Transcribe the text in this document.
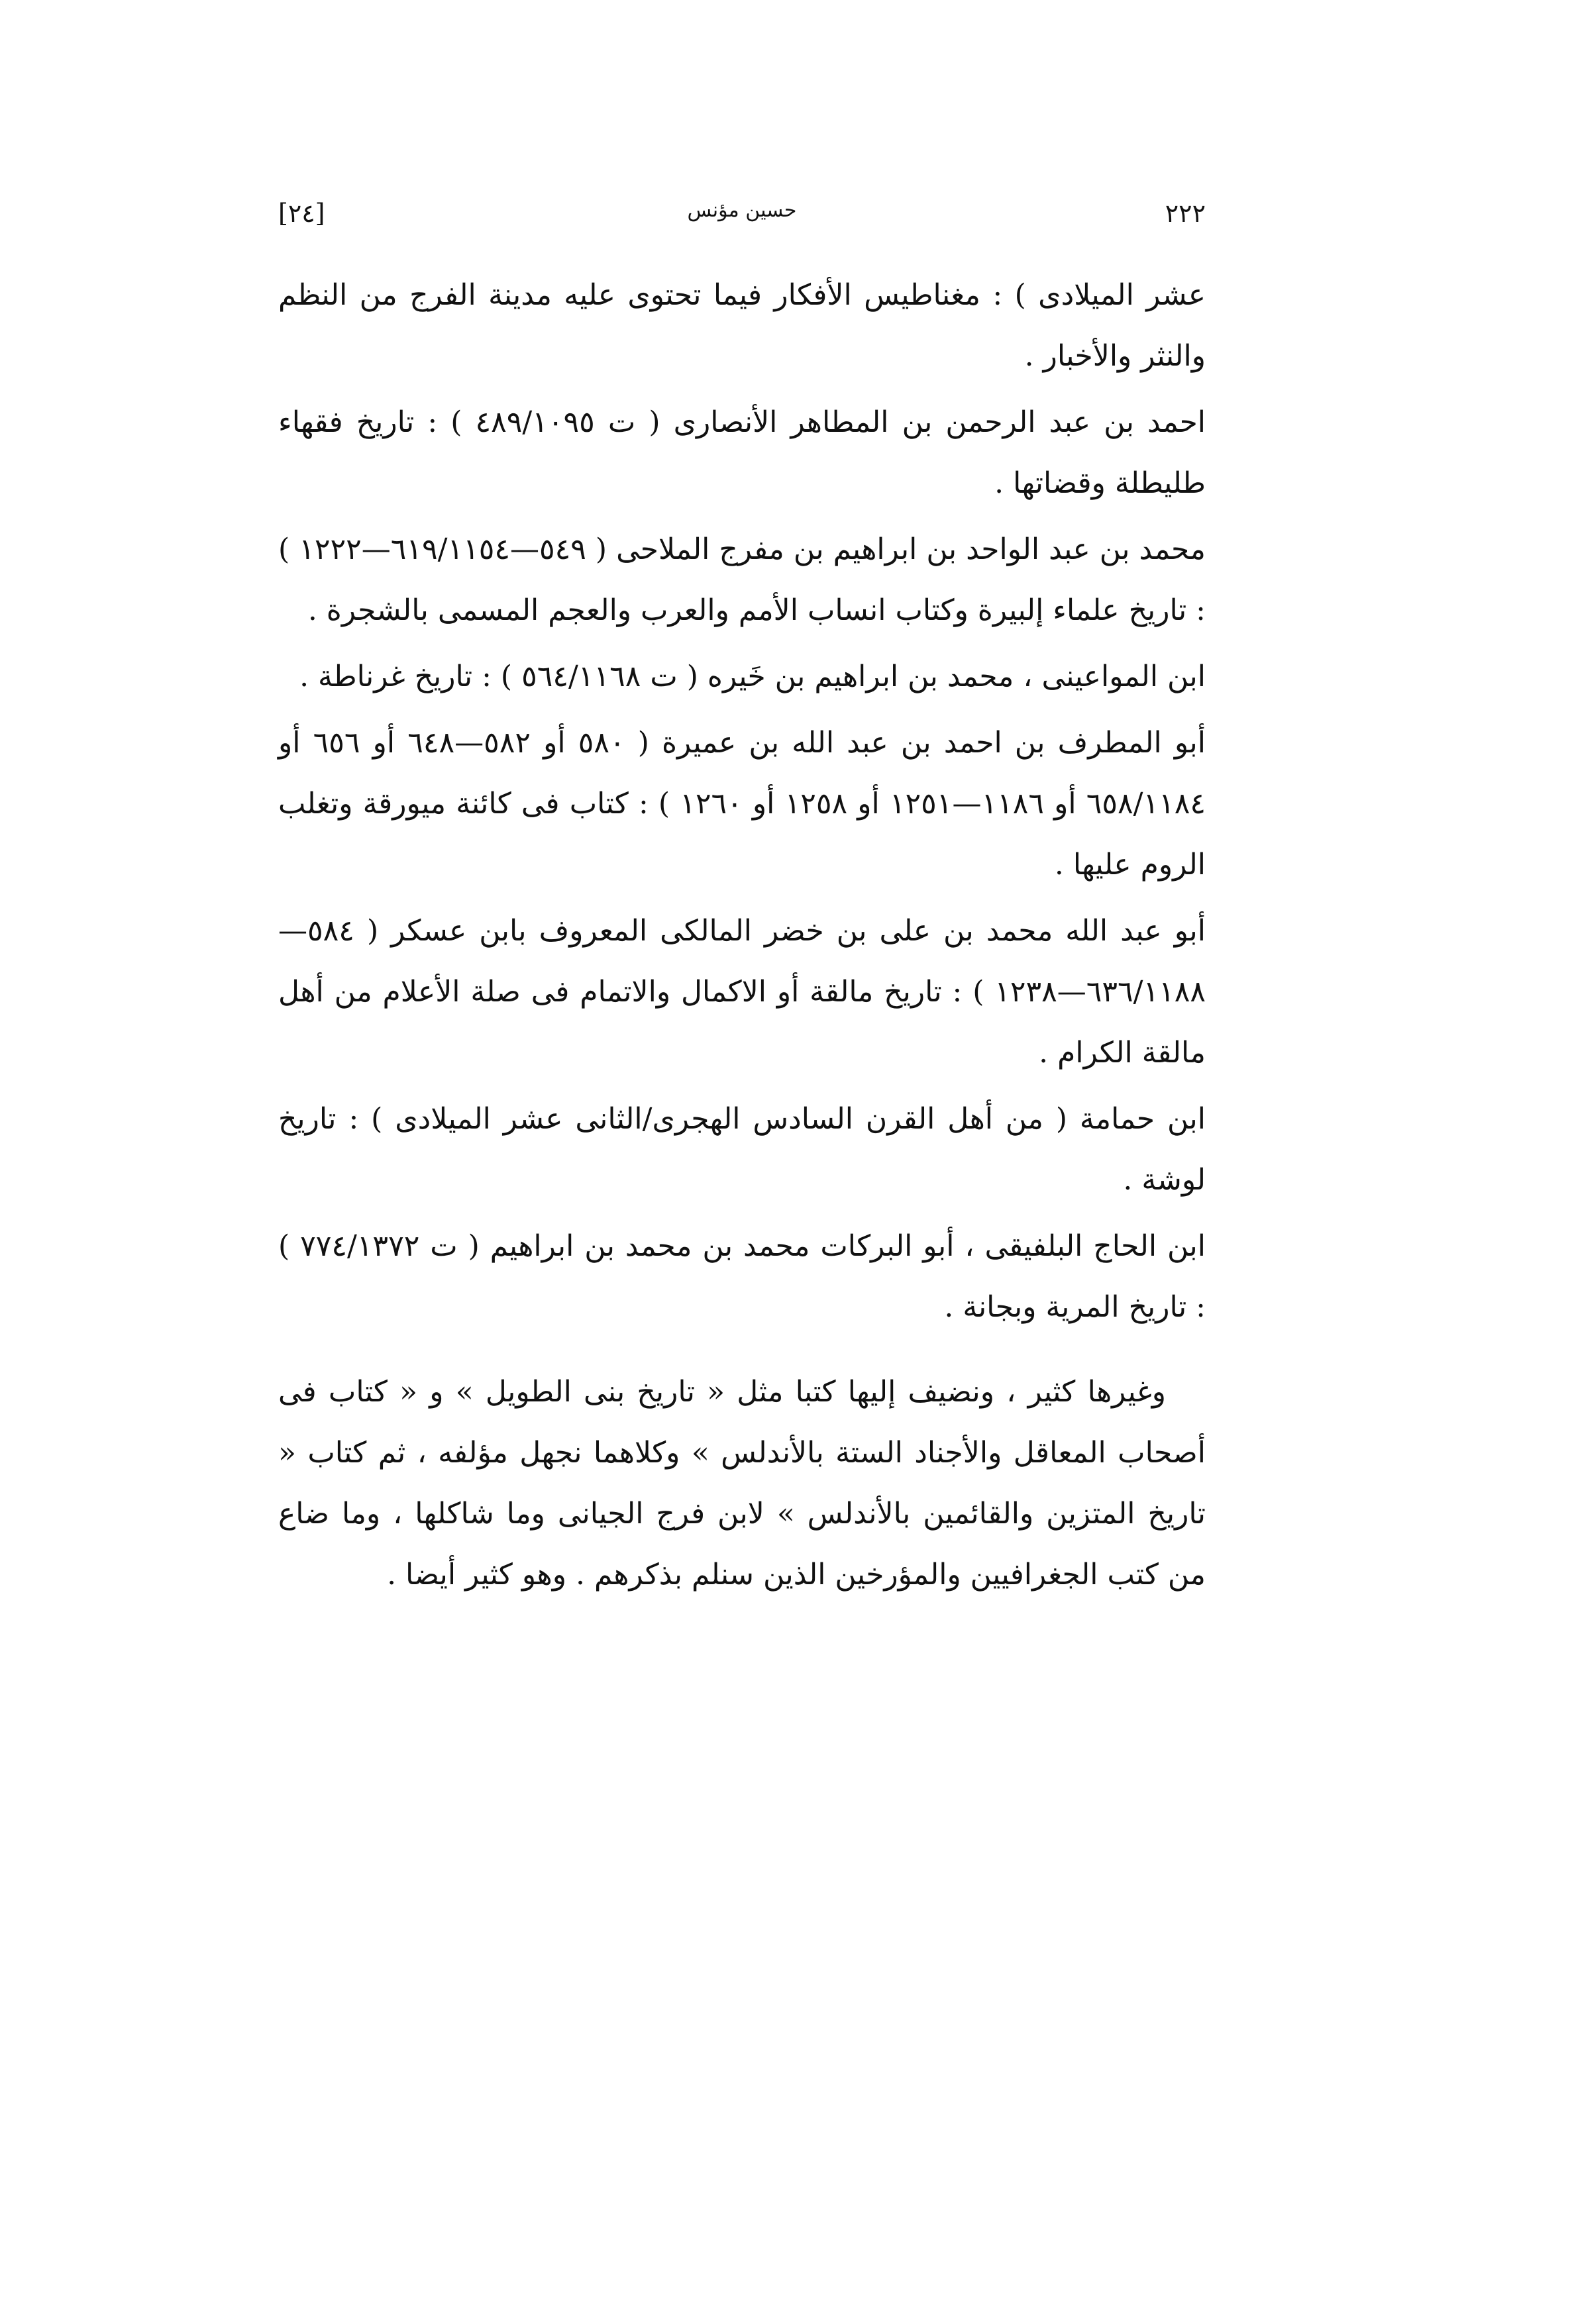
٢٢٢
حسين مؤنس
[٢٤]

عشر الميلادى ) : مغناطيس الأفكار فيما تحتوى عليه مدينة الفرج من النظم والنثر والأخبار .

احمد بن عبد الرحمن بن المطاهر الأنصارى ( ت ٤٨٩/١٠٩٥ ) : تاريخ فقهاء طليطلة وقضاتها .

محمد بن عبد الواحد بن ابراهيم بن مفرج الملاحى ( ٥٤٩—٦١٩/١١٥٤—١٢٢٢ ) : تاريخ علماء إلبيرة وكتاب انساب الأمم والعرب والعجم المسمى بالشجرة .

ابن المواعينى ، محمد بن ابراهيم بن خَيره ( ت ٥٦٤/١١٦٨ ) : تاريخ غرناطة .

أبو المطرف بن احمد بن عبد الله بن عميرة ( ٥٨٠ أو ٥٨٢—٦٤٨ أو ٦٥٦ أو ٦٥٨/١١٨٤ أو ١١٨٦—١٢٥١ أو ١٢٥٨ أو ١٢٦٠ ) : كتاب فى كائنة ميورقة وتغلب الروم عليها .

أبو عبد الله محمد بن على بن خضر المالكى المعروف بابن عسكر ( ٥٨٤—٦٣٦/١١٨٨—١٢٣٨ ) : تاريخ مالقة أو الاكمال والاتمام فى صلة الأعلام من أهل مالقة الكرام .

ابن حمامة ( من أهل القرن السادس الهجرى/الثانى عشر الميلادى ) : تاريخ لوشة .

ابن الحاج البلفيقى ، أبو البركات محمد بن محمد بن ابراهيم ( ت ٧٧٤/١٣٧٢ ) : تاريخ المرية وبجانة .

وغيرها كثير ، ونضيف إليها كتبا مثل « تاريخ بنى الطويل » و « كتاب فى أصحاب المعاقل والأجناد الستة بالأندلس » وكلاهما نجهل مؤلفه ، ثم كتاب « تاريخ المتزين والقائمين بالأندلس » لابن فرج الجيانى وما شاكلها ، وما ضاع من كتب الجغرافيين والمؤرخين الذين سنلم بذكرهم . وهو كثير أيضا .
